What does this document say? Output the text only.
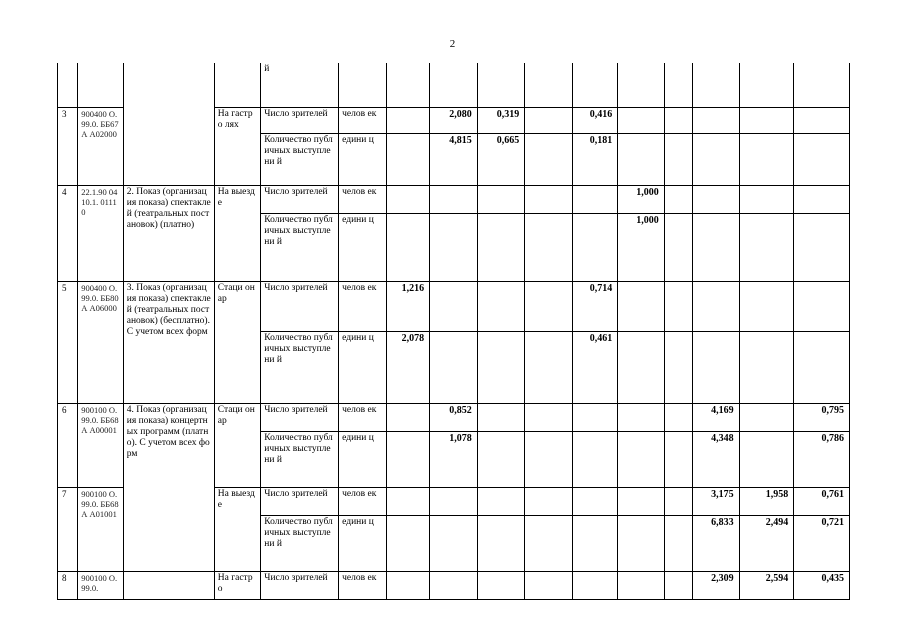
2
				й											
3	900400 О.99.0. ББ67А А02000		На гастро лях	Число зрителей	челов ек		2,080	0,319		0,416					
				Количество публичных выступлени й	едини ц		4,815	0,665		0,181					
4	22.1.90 0410.1. 01110	2. Показ (организация показа) спектаклей (театральных постановок) (платно)	На выезде	Число зрителей	челов ек						1,000				
				Количество публичных выступлени й	едини ц						1,000				
5	900400 О.99.0. ББ80А А06000	3. Показ (организация показа) спектаклей (театральных постановок) (бесплатно). С учетом всех форм	Стаци онар	Число зрителей	челов ек	1,216				0,714					
				Количество публичных выступлени й	едини ц	2,078				0,461					
6	900100 О.99.0. ББ68А А00001	4. Показ (организация показа) концертных программ (платно). С учетом всех форм	Стаци онар	Число зрителей	челов ек		0,852						4,169		0,795
				Количество публичных выступлени й	едини ц		1,078						4,348		0,786
7	900100 О.99.0. ББ68А А01001		На выезде	Число зрителей	челов ек								3,175	1,958	0,761
				Количество публичных выступлени й	едини ц								6,833	2,494	0,721
8	900100 О.99.0.		На гастро	Число зрителей	челов ек								2,309	2,594	0,435
